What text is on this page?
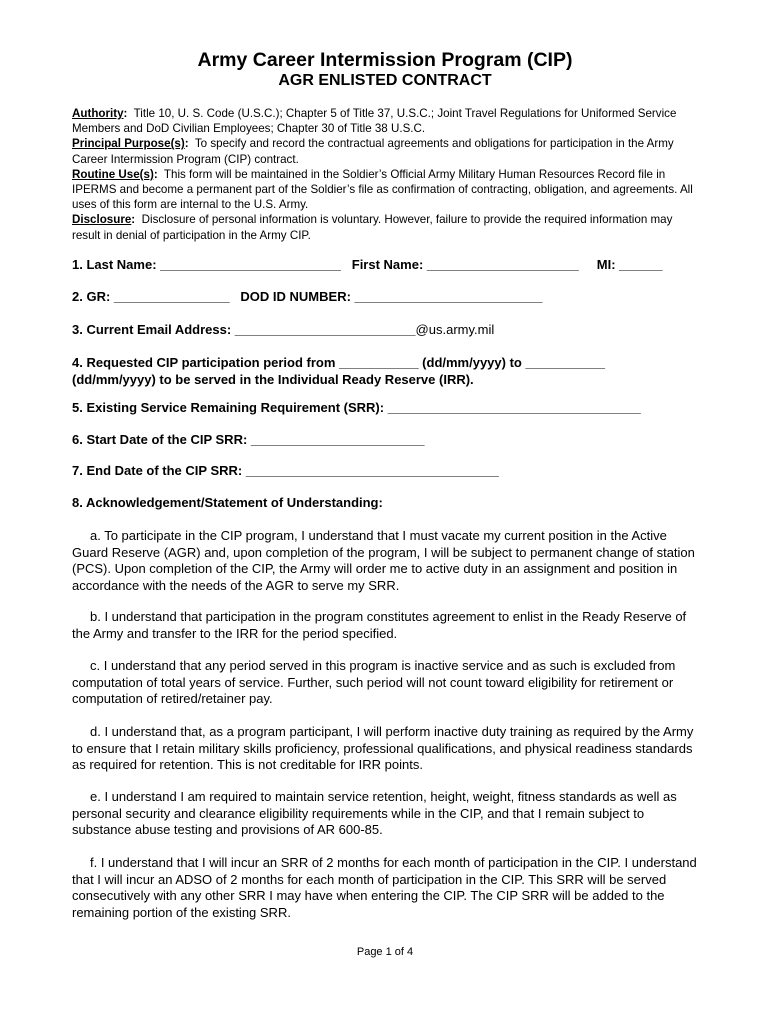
Army Career Intermission Program (CIP)
AGR ENLISTED CONTRACT
Authority: Title 10, U. S. Code (U.S.C.); Chapter 5 of Title 37, U.S.C.; Joint Travel Regulations for Uniformed Service Members and DoD Civilian Employees; Chapter 30 of Title 38 U.S.C.
Principal Purpose(s): To specify and record the contractual agreements and obligations for participation in the Army Career Intermission Program (CIP) contract.
Routine Use(s): This form will be maintained in the Soldier’s Official Army Military Human Resources Record file in IPERMS and become a permanent part of the Soldier’s file as confirmation of contracting, obligation, and agreements. All uses of this form are internal to the U.S. Army.
Disclosure: Disclosure of personal information is voluntary. However, failure to provide the required information may result in denial of participation in the Army CIP.
1. Last Name: _________________________ First Name: _____________________ MI: ______
2. GR: ________________ DOD ID NUMBER: __________________________
3. Current Email Address: _________________________@us.army.mil
4. Requested CIP participation period from ___________ (dd/mm/yyyy) to ___________
(dd/mm/yyyy) to be served in the Individual Ready Reserve (IRR).
5. Existing Service Remaining Requirement (SRR): ___________________________________
6. Start Date of the CIP SRR: ________________________
7. End Date of the CIP SRR: ___________________________________
8. Acknowledgement/Statement of Understanding:
a. To participate in the CIP program, I understand that I must vacate my current position in the Active Guard Reserve (AGR) and, upon completion of the program, I will be subject to permanent change of station (PCS). Upon completion of the CIP, the Army will order me to active duty in an assignment and position in accordance with the needs of the AGR to serve my SRR.
b. I understand that participation in the program constitutes agreement to enlist in the Ready Reserve of the Army and transfer to the IRR for the period specified.
c. I understand that any period served in this program is inactive service and as such is excluded from computation of total years of service. Further, such period will not count toward eligibility for retirement or computation of retired/retainer pay.
d. I understand that, as a program participant, I will perform inactive duty training as required by the Army to ensure that I retain military skills proficiency, professional qualifications, and physical readiness standards as required for retention. This is not creditable for IRR points.
e. I understand I am required to maintain service retention, height, weight, fitness standards as well as personal security and clearance eligibility requirements while in the CIP, and that I remain subject to substance abuse testing and provisions of AR 600-85.
f. I understand that I will incur an SRR of 2 months for each month of participation in the CIP. I understand that I will incur an ADSO of 2 months for each month of participation in the CIP. This SRR will be served consecutively with any other SRR I may have when entering the CIP. The CIP SRR will be added to the remaining portion of the existing SRR.
Page 1 of 4
